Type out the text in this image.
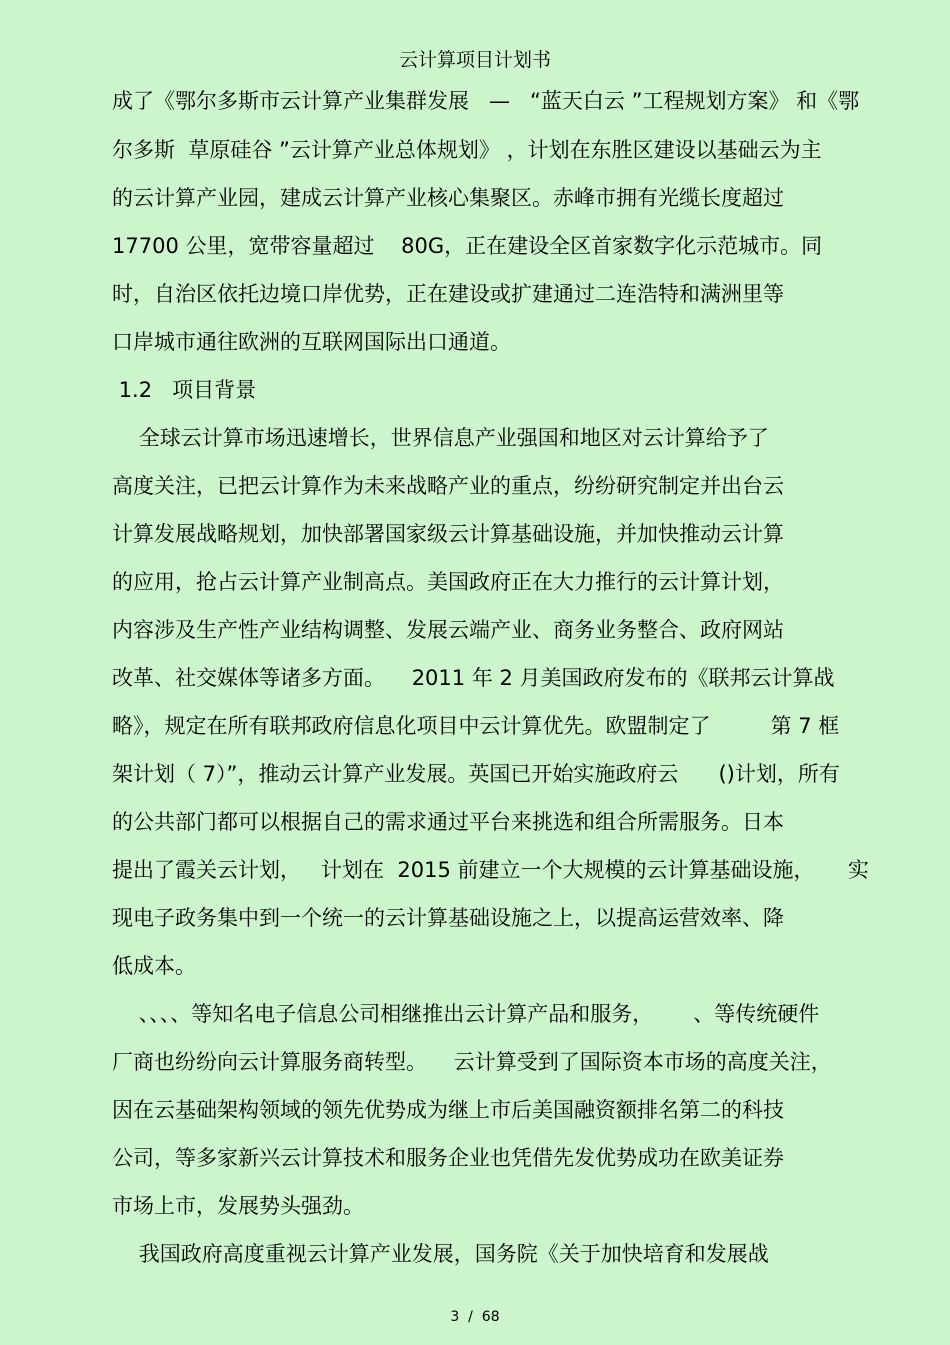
云计算项目计划书
成了《鄂尔多斯市云计算产业集群发展   —   “蓝天白云 ”工程规划方案》 和《鄂
尔多斯  草原硅谷 ”云计算产业总体规划》 ，计划在东胜区建设以基础云为主
的云计算产业园，建成云计算产业核心集聚区。赤峰市拥有光缆长度超过
17700 公里，宽带容量超过    80G，正在建设全区首家数字化示范城市。同
时，自治区依托边境口岸优势，正在建设或扩建通过二连浩特和满洲里等
口岸城市通往欧洲的互联网国际出口通道。
1.2   项目背景
全球云计算市场迅速增长，世界信息产业强国和地区对云计算给予了
高度关注，已把云计算作为未来战略产业的重点，纷纷研究制定并出台云
计算发展战略规划，加快部署国家级云计算基础设施，并加快推动云计算
的应用，抢占云计算产业制高点。美国政府正在大力推行的云计算计划，
内容涉及生产性产业结构调整、发展云端产业、商务业务整合、政府网站
改革、社交媒体等诸多方面。    2011 年 2 月美国政府发布的《联邦云计算战
略》，规定在所有联邦政府信息化项目中云计算优先。欧盟制定了         第 7 框
架计划（ 7）”，推动云计算产业发展。英国已开始实施政府云      ()计划，所有
的公共部门都可以根据自己的需求通过平台来挑选和组合所需服务。日本
提出了霞关云计划，   计划在  2015 前建立一个大规模的云计算基础设施，     实
现电子政务集中到一个统一的云计算基础设施之上，以提高运营效率、降
低成本。
、、、、等知名电子信息公司相继推出云计算产品和服务，      、等传统硬件
厂商也纷纷向云计算服务商转型。    云计算受到了国际资本市场的高度关注，
因在云基础架构领域的领先优势成为继上市后美国融资额排名第二的科技
公司，等多家新兴云计算技术和服务企业也凭借先发优势成功在欧美证券
市场上市，发展势头强劲。
我国政府高度重视云计算产业发展，国务院《关于加快培育和发展战
3  /  68
